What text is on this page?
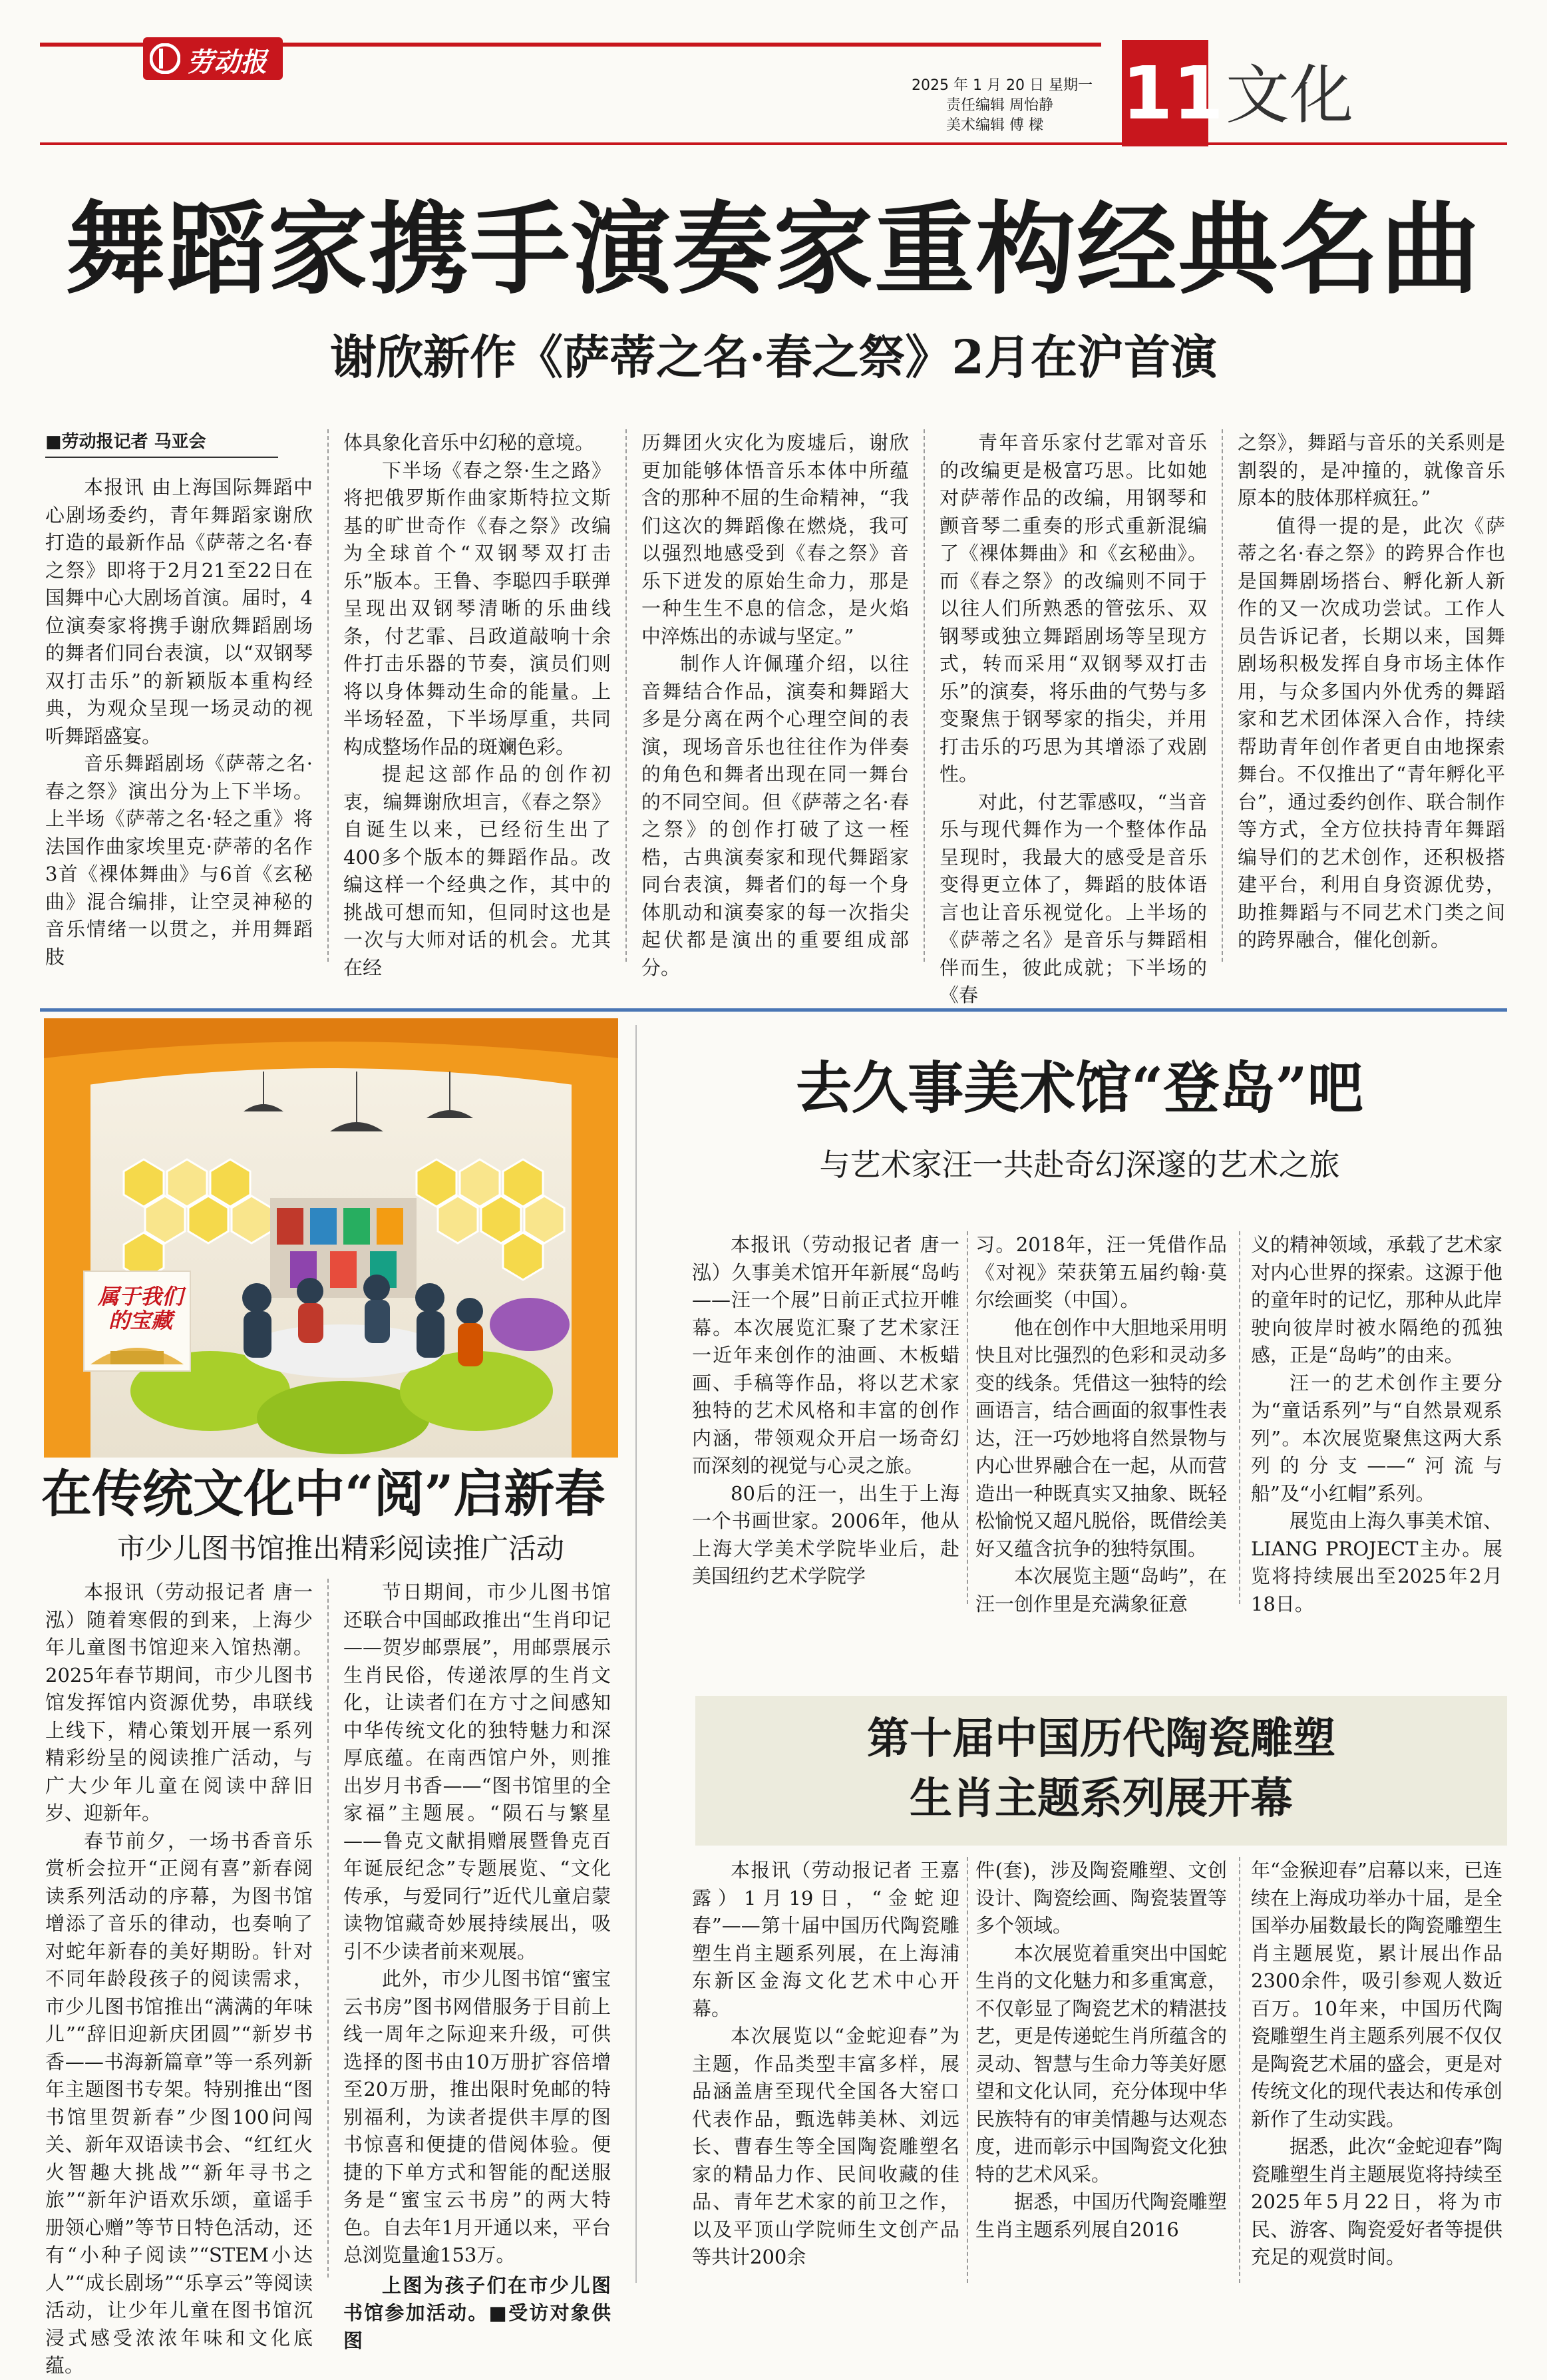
劳动报
2025 年 1 月 20 日 星期一
责任编辑 周怡静
美术编辑 傅 樑	11 文化
舞蹈家携手演奏家重构经典名曲
谢欣新作《萨蒂之名·春之祭》2月在沪首演
■劳动报记者 马亚会

本报讯 由上海国际舞蹈中心剧场委约，青年舞蹈家谢欣打造的最新作品《萨蒂之名·春之祭》即将于2月21至22日在国舞中心大剧场首演。届时，4位演奏家将携手谢欣舞蹈剧场的舞者们同台表演，以“双钢琴双打击乐”的新颖版本重构经典，为观众呈现一场灵动的视听舞蹈盛宴。

音乐舞蹈剧场《萨蒂之名·春之祭》演出分为上下半场。上半场《萨蒂之名·轻之重》将法国作曲家埃里克·萨蒂的名作3首《裸体舞曲》与6首《玄秘曲》混合编排，让空灵神秘的音乐情绪一以贯之，并用舞蹈肢

体具象化音乐中幻秘的意境。

下半场《春之祭·生之路》将把俄罗斯作曲家斯特拉文斯基的旷世奇作《春之祭》改编为全球首个“双钢琴双打击乐”版本。王鲁、李聪四手联弹呈现出双钢琴清晰的乐曲线条，付艺霏、吕政道敲响十余件打击乐器的节奏，演员们则将以身体舞动生命的能量。上半场轻盈，下半场厚重，共同构成整场作品的斑斓色彩。

提起这部作品的创作初衷，编舞谢欣坦言，《春之祭》自诞生以来，已经衍生出了400多个版本的舞蹈作品。改编这样一个经典之作，其中的挑战可想而知，但同时这也是一次与大师对话的机会。尤其在经

历舞团火灾化为废墟后，谢欣更加能够体悟音乐本体中所蕴含的那种不屈的生命精神，“我们这次的舞蹈像在燃烧，我可以强烈地感受到《春之祭》音乐下迸发的原始生命力，那是一种生生不息的信念，是火焰中淬炼出的赤诚与坚定。”

制作人许佩瑾介绍，以往音舞结合作品，演奏和舞蹈大多是分离在两个心理空间的表演，现场音乐也往往作为伴奏的角色和舞者出现在同一舞台的不同空间。但《萨蒂之名·春之祭》的创作打破了这一桎梏，古典演奏家和现代舞蹈家同台表演，舞者们的每一个身体肌动和演奏家的每一次指尖起伏都是演出的重要组成部分。

青年音乐家付艺霏对音乐的改编更是极富巧思。比如她对萨蒂作品的改编，用钢琴和颤音琴二重奏的形式重新混编了《裸体舞曲》和《玄秘曲》。而《春之祭》的改编则不同于以往人们所熟悉的管弦乐、双钢琴或独立舞蹈剧场等呈现方式，转而采用“双钢琴双打击乐”的演奏，将乐曲的气势与多变聚焦于钢琴家的指尖，并用打击乐的巧思为其增添了戏剧性。

对此，付艺霏感叹，“当音乐与现代舞作为一个整体作品呈现时，我最大的感受是音乐变得更立体了，舞蹈的肢体语言也让音乐视觉化。上半场的《萨蒂之名》是音乐与舞蹈相伴而生，彼此成就；下半场的《春

之祭》，舞蹈与音乐的关系则是割裂的，是冲撞的，就像音乐原本的肢体那样疯狂。”

值得一提的是，此次《萨蒂之名·春之祭》的跨界合作也是国舞剧场搭台、孵化新人新作的又一次成功尝试。工作人员告诉记者，长期以来，国舞剧场积极发挥自身市场主体作用，与众多国内外优秀的舞蹈家和艺术团体深入合作，持续帮助青年创作者更自由地探索舞台。不仅推出了“青年孵化平台”，通过委约创作、联合制作等方式，全方位扶持青年舞蹈编导们的艺术创作，还积极搭建平台，利用自身资源优势，助推舞蹈与不同艺术门类之间的跨界融合，催化创新。

属于我们的宝藏
在传统文化中“阅”启新春
市少儿图书馆推出精彩阅读推广活动

本报讯（劳动报记者 唐一泓）随着寒假的到来，上海少年儿童图书馆迎来入馆热潮。2025年春节期间，市少儿图书馆发挥馆内资源优势，串联线上线下，精心策划开展一系列精彩纷呈的阅读推广活动，与广大少年儿童在阅读中辞旧岁、迎新年。

春节前夕，一场书香音乐赏析会拉开“正阅有喜”新春阅读系列活动的序幕，为图书馆增添了音乐的律动，也奏响了对蛇年新春的美好期盼。针对不同年龄段孩子的阅读需求，市少儿图书馆推出“满满的年味儿”“辞旧迎新庆团圆”“新岁书香——书海新篇章”等一系列新年主题图书专架。特别推出“图书馆里贺新春”少图100问闯关、新年双语读书会、“红红火火智趣大挑战”“新年寻书之旅”“新年沪语欢乐颂，童谣手册领心赠”等节日特色活动，还有“小种子阅读”“STEM小达人”“成长剧场”“乐享云”等阅读活动，让少年儿童在图书馆沉浸式感受浓浓年味和文化底蕴。

节日期间，市少儿图书馆还联合中国邮政推出“生肖印记——贺岁邮票展”，用邮票展示生肖民俗，传递浓厚的生肖文化，让读者们在方寸之间感知中华传统文化的独特魅力和深厚底蕴。在南西馆户外，则推出岁月书香——“图书馆里的全家福”主题展。“陨石与繁星——鲁克文献捐赠展暨鲁克百年诞辰纪念”专题展览、“文化传承，与爱同行”近代儿童启蒙读物馆藏奇妙展持续展出，吸引不少读者前来观展。

此外，市少儿图书馆“蜜宝云书房”图书网借服务于目前上线一周年之际迎来升级，可供选择的图书由10万册扩容倍增至20万册，推出限时免邮的特别福利，为读者提供丰厚的图书惊喜和便捷的借阅体验。便捷的下单方式和智能的配送服务是“蜜宝云书房”的两大特色。自去年1月开通以来，平台总浏览量逾153万。

上图为孩子们在市少儿图书馆参加活动。■受访对象供图

去久事美术馆“登岛”吧
与艺术家汪一共赴奇幻深邃的艺术之旅

本报讯（劳动报记者 唐一泓）久事美术馆开年新展“岛屿——汪一个展”日前正式拉开帷幕。本次展览汇聚了艺术家汪一近年来创作的油画、木板蜡画、手稿等作品，将以艺术家独特的艺术风格和丰富的创作内涵，带领观众开启一场奇幻而深刻的视觉与心灵之旅。

80后的汪一，出生于上海一个书画世家。2006年，他从上海大学美术学院毕业后，赴美国纽约艺术学院学

习。2018年，汪一凭借作品《对视》荣获第五届约翰·莫尔绘画奖（中国）。

他在创作中大胆地采用明快且对比强烈的色彩和灵动多变的线条。凭借这一独特的绘画语言，结合画面的叙事性表达，汪一巧妙地将自然景物与内心世界融合在一起，从而营造出一种既真实又抽象、既轻松愉悦又超凡脱俗，既借绘美好又蕴含抗争的独特氛围。

本次展览主题“岛屿”，在汪一创作里是充满象征意

义的精神领域，承载了艺术家对内心世界的探索。这源于他的童年时的记忆，那种从此岸驶向彼岸时被水隔绝的孤独感，正是“岛屿”的由来。

汪一的艺术创作主要分为“童话系列”与“自然景观系列”。本次展览聚焦这两大系列的分支——“河流与船”及“小红帽”系列。

展览由上海久事美术馆、LIANG PROJECT主办。展览将持续展出至2025年2月18日。

第十届中国历代陶瓷雕塑
生肖主题系列展开幕

本报讯（劳动报记者 王嘉露）1月19日，“金蛇迎春”——第十届中国历代陶瓷雕塑生肖主题系列展，在上海浦东新区金海文化艺术中心开幕。

本次展览以“金蛇迎春”为主题，作品类型丰富多样，展品涵盖唐至现代全国各大窑口代表作品，甄选韩美林、刘远长、曹春生等全国陶瓷雕塑名家的精品力作、民间收藏的佳品、青年艺术家的前卫之作，以及平顶山学院师生文创产品等共计200余

件(套)，涉及陶瓷雕塑、文创设计、陶瓷绘画、陶瓷装置等多个领域。

本次展览着重突出中国蛇生肖的文化魅力和多重寓意，不仅彰显了陶瓷艺术的精湛技艺，更是传递蛇生肖所蕴含的灵动、智慧与生命力等美好愿望和文化认同，充分体现中华民族特有的审美情趣与达观态度，进而彰示中国陶瓷文化独特的艺术风采。

据悉，中国历代陶瓷雕塑生肖主题系列展自2016

年“金猴迎春”启幕以来，已连续在上海成功举办十届，是全国举办届数最长的陶瓷雕塑生肖主题展览，累计展出作品2300余件，吸引参观人数近百万。10年来，中国历代陶瓷雕塑生肖主题系列展不仅仅是陶瓷艺术届的盛会，更是对传统文化的现代表达和传承创新作了生动实践。

据悉，此次“金蛇迎春”陶瓷雕塑生肖主题展览将持续至2025年5月22日，将为市民、游客、陶瓷爱好者等提供充足的观赏时间。
